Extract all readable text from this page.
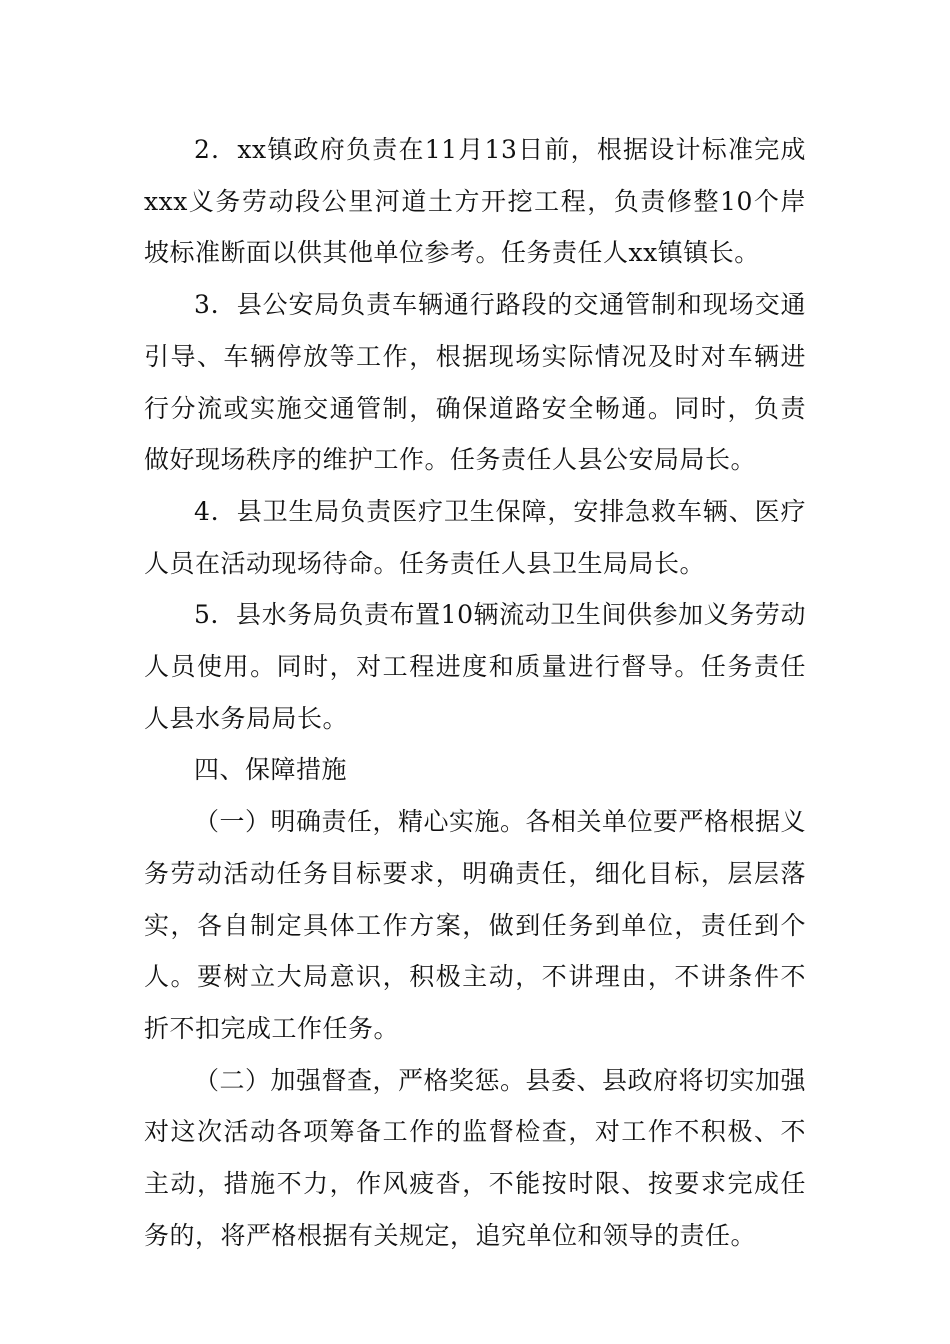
2．xx镇政府负责在11月13日前，根据设计标准完成xxx义务劳动段公里河道土方开挖工程，负责修整10个岸坡标准断面以供其他单位参考。任务责任人xx镇镇长。

3．县公安局负责车辆通行路段的交通管制和现场交通引导、车辆停放等工作，根据现场实际情况及时对车辆进行分流或实施交通管制，确保道路安全畅通。同时，负责做好现场秩序的维护工作。任务责任人县公安局局长。

4．县卫生局负责医疗卫生保障，安排急救车辆、医疗人员在活动现场待命。任务责任人县卫生局局长。

5．县水务局负责布置10辆流动卫生间供参加义务劳动人员使用。同时，对工程进度和质量进行督导。任务责任人县水务局局长。

四、保障措施

（一）明确责任，精心实施。各相关单位要严格根据义务劳动活动任务目标要求，明确责任，细化目标，层层落实，各自制定具体工作方案，做到任务到单位，责任到个人。要树立大局意识，积极主动，不讲理由，不讲条件不折不扣完成工作任务。

（二）加强督查，严格奖惩。县委、县政府将切实加强对这次活动各项筹备工作的监督检查，对工作不积极、不主动，措施不力，作风疲沓，不能按时限、按要求完成任务的，将严格根据有关规定，追究单位和领导的责任。
